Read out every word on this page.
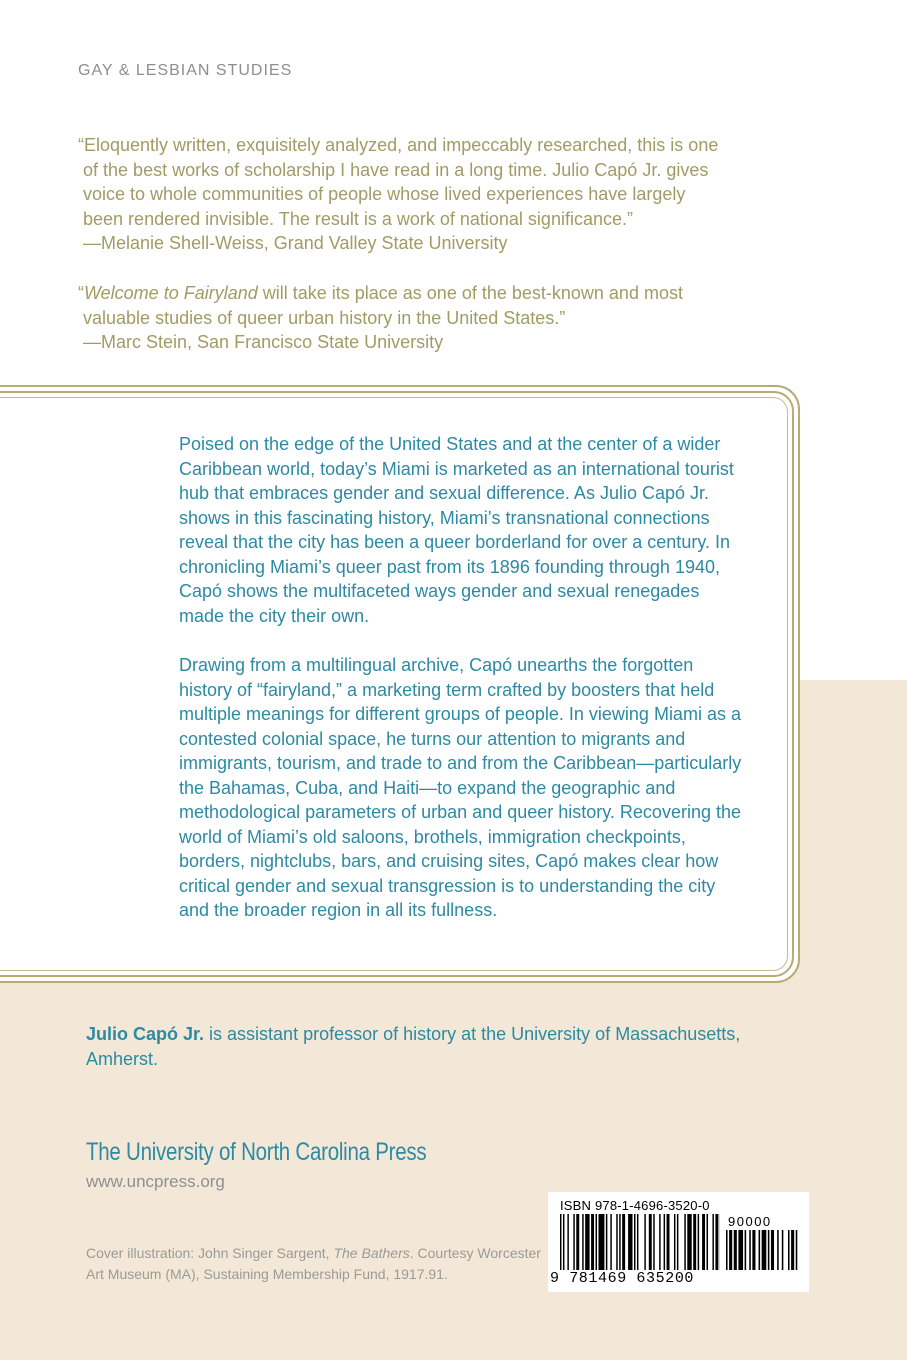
GAY & LESBIAN STUDIES
“Eloquently written, exquisitely analyzed, and impeccably researched, this is one
of the best works of scholarship I have read in a long time. Julio Capó Jr. gives
voice to whole communities of people whose lived experiences have largely
been rendered invisible. The result is a work of national significance.”

—Melanie Shell-Weiss, Grand Valley State University
“Welcome to Fairyland will take its place as one of the best-known and most
valuable studies of queer urban history in the United States.”

—Marc Stein, San Francisco State University

Poised on the edge of the United States and at the center of a wider Caribbean world, today’s Miami is marketed as an international tourist hub that embraces gender and sexual difference. As Julio Capó Jr. shows in this fascinating history, Miami’s transnational connections reveal that the city has been a queer borderland for over a century. In chronicling Miami’s queer past from its 1896 founding through 1940, Capó shows the multifaceted ways gender and sexual renegades made the city their own.

Drawing from a multilingual archive, Capó unearths the forgotten history of “fairyland,” a marketing term crafted by boosters that held multiple meanings for different groups of people. In viewing Miami as a contested colonial space, he turns our attention to migrants and immigrants, tourism, and trade to and from the Caribbean—particularly the Bahamas, Cuba, and Haiti—to expand the geographic and methodological parameters of urban and queer history. Recovering the world of Miami’s old saloons, brothels, immigration checkpoints, borders, nightclubs, bars, and cruising sites, Capó makes clear how critical gender and sexual transgression is to understanding the city and the broader region in all its fullness.

Julio Capó Jr. is assistant professor of history at the University of Massachusetts, Amherst.

The University of North Carolina Press
www.uncpress.org

Cover illustration: John Singer Sargent, The Bathers. Courtesy Worcester Art Museum (MA), Sustaining Membership Fund, 1917.91.

ISBN 978-1-4696-3520-0
90000
9 781469 635200
